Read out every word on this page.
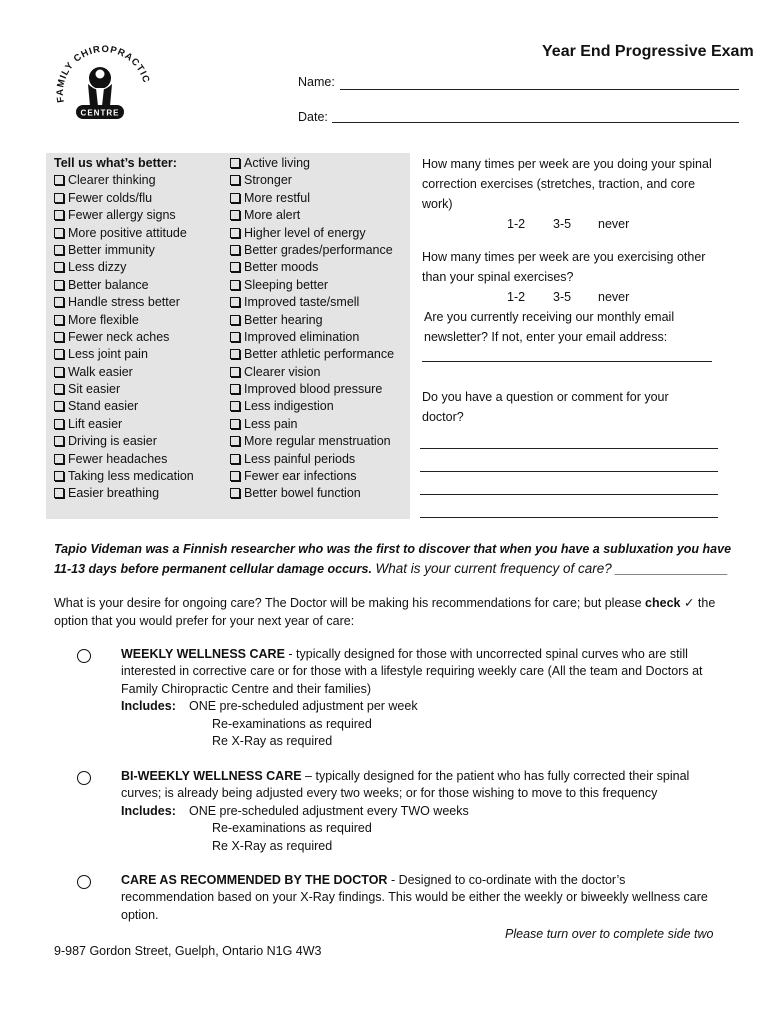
FAMILY CHIROPRACTIC
CENTRE
Year End Progressive Exam
Name:
Date:
Tell us what’s better:
Clearer thinking
Fewer colds/flu
Fewer allergy signs
More positive attitude
Better immunity
Less dizzy
Better balance
Handle stress better
More flexible
Fewer neck aches
Less joint pain
Walk easier
Sit easier
Stand easier
Lift easier
Driving is easier
Fewer headaches
Taking less medication
Easier breathing
Active living
Stronger
More restful
More alert
Higher level of energy
Better grades/performance
Better moods
Sleeping better
Improved taste/smell
Better hearing
Improved elimination
Better athletic performance
Clearer vision
Improved blood pressure
Less indigestion
Less pain
More regular menstruation
Less painful periods
Fewer ear infections
Better bowel function
How many times per week are you doing your spinal correction exercises (stretches, traction, and core work)
1-2 3-5 never
How many times per week are you exercising other than your spinal exercises?
1-2 3-5 never
Are you currently receiving our monthly email newsletter? If not, enter your email address:
Do you have a question or comment for your doctor?
Tapio Videman was a Finnish researcher who was the first to discover that when you have a subluxation you have 11-13 days before permanent cellular damage occurs. What is your current frequency of care? _______________
What is your desire for ongoing care? The Doctor will be making his recommendations for care; but please check ✓ the option that you would prefer for your next year of care:
WEEKLY WELLNESS CARE - typically designed for those with uncorrected spinal curves who are still interested in corrective care or for those with a lifestyle requiring weekly care (All the team and Doctors at Family Chiropractic Centre and their families)
Includes: ONE pre-scheduled adjustment per week

Re-examinations as required
Re X-Ray as required
BI-WEEKLY WELLNESS CARE – typically designed for the patient who has fully corrected their spinal curves; is already being adjusted every two weeks; or for those wishing to move to this frequency
Includes: ONE pre-scheduled adjustment every TWO weeks

Re-examinations as required
Re X-Ray as required
CARE AS RECOMMENDED BY THE DOCTOR - Designed to co-ordinate with the doctor’s recommendation based on your X-Ray findings. This would be either the weekly or biweekly wellness care option.
Please turn over to complete side two
9-987 Gordon Street, Guelph, Ontario N1G 4W3
